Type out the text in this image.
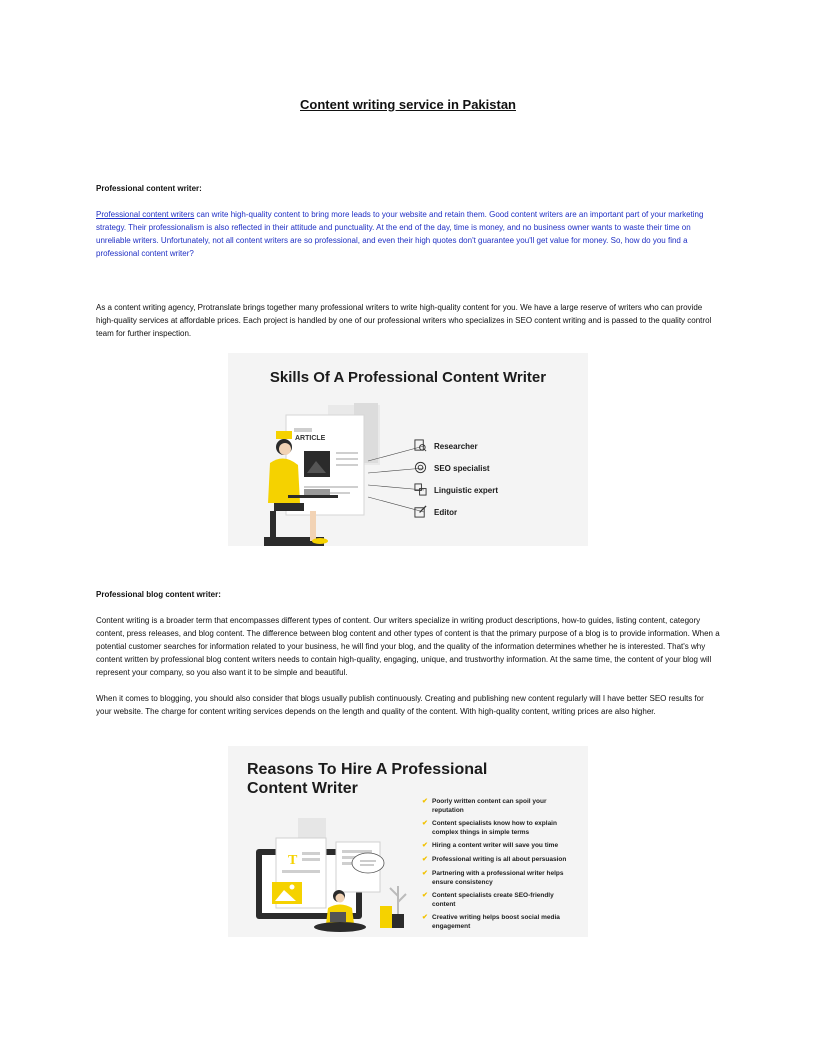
Content writing service in Pakistan
Professional content writer:

Professional content writers can write high-quality content to bring more leads to your website and retain them. Good content writers are an important part of your marketing strategy. Their professionalism is also reflected in their attitude and punctuality. At the end of the day, time is money, and no business owner wants to waste their time on unreliable writers. Unfortunately, not all content writers are so professional, and even their high quotes don't guarantee you'll get value for money. So, how do you find a professional content writer?

As a content writing agency, Protranslate brings together many professional writers to write high-quality content for you. We have a large reserve of writers who can provide high-quality services at affordable prices. Each project is handled by one of our professional writers who specializes in SEO content writing and is passed to the quality control team for further inspection.

Skills Of A Professional Content Writer
ARTICLE
Researcher
SEO specialist
Linguistic expert
Editor
Professional blog content writer:

Content writing is a broader term that encompasses different types of content. Our writers specialize in writing product descriptions, how-to guides, listing content, category content, press releases, and blog content. The difference between blog content and other types of content is that the primary purpose of a blog is to provide information. When a potential customer searches for information related to your business, he will find your blog, and the quality of the information determines whether he is interested. That's why content written by professional blog content writers needs to contain high-quality, engaging, unique, and trustworthy information. At the same time, the content of your blog will represent your company, so you also want it to be simple and beautiful.

When it comes to blogging, you should also consider that blogs usually publish continuously. Creating and publishing new content regularly will I have better SEO results for your website. The charge for content writing services depends on the length and quality of the content. With high-quality content, writing prices are also higher.

Reasons To Hire A Professional
Content Writer
T
✔ Poorly written content can spoil your reputation
✔ Content specialists know how to explain complex things in simple terms
✔ Hiring a content writer will save you time
✔ Professional writing is all about persuasion
✔ Partnering with a professional writer helps ensure consistency
✔ Content specialists create SEO-friendly content
✔ Creative writing helps boost social media engagement
